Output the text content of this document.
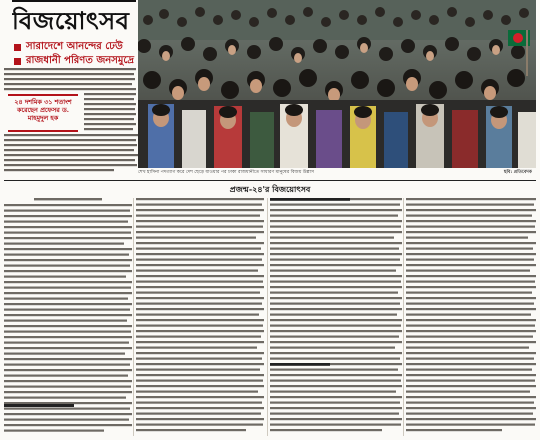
বিজয়োৎসব
সারাদেশে আনন্দের ঢেউ
রাজধানী পরিণত জনসমুদ্রে
২৪ দশমিক ৩১ শতাংশ করেছেন প্রফেসর ড. মাহমুদুল হক
শেখ হাসিনা পদত্যাগ করে দেশ ছেড়ে যাওয়ার পর ঢাকা রাজধানীতে সাধারণ মানুষের বিজয় উল্লাস	ছবি: প্রতিবেদক
প্রজন্ম-২৪'র বিজয়োৎসব
